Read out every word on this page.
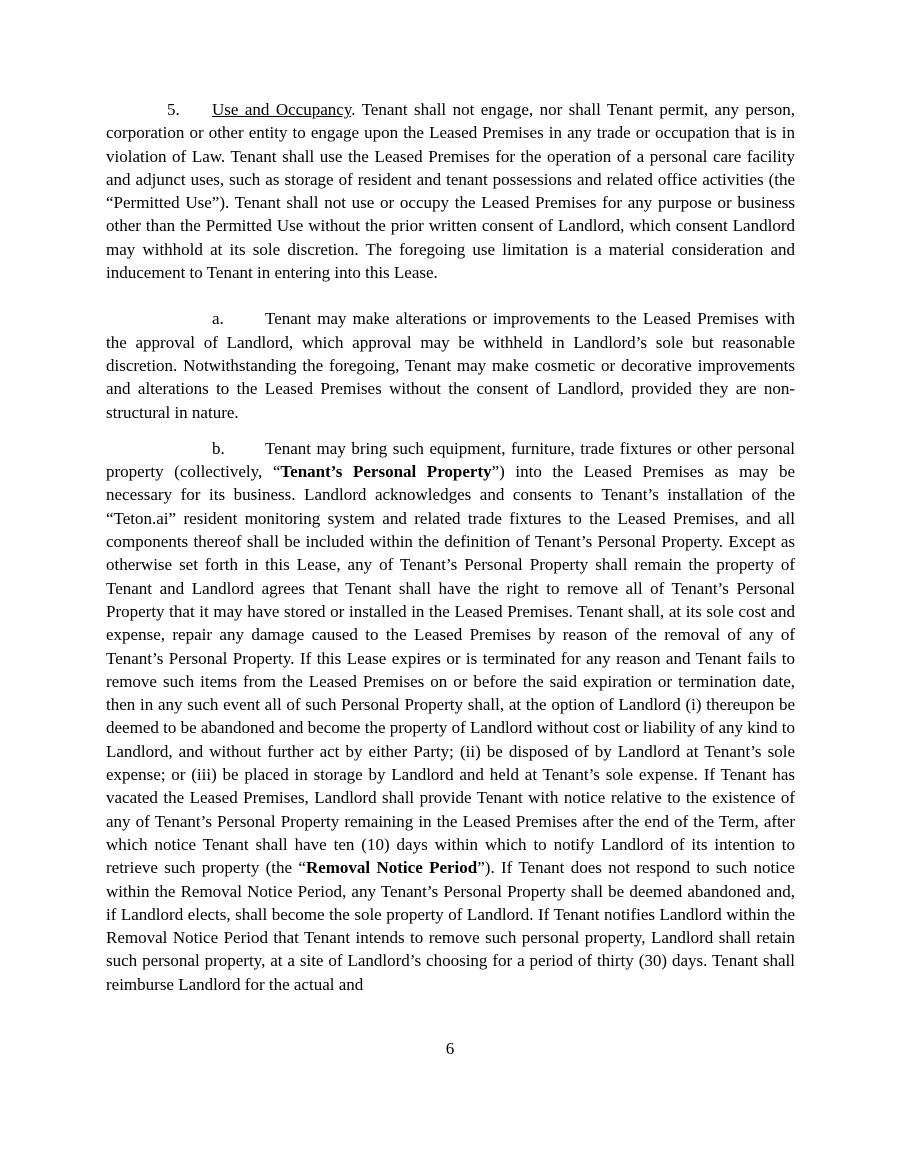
5. Use and Occupancy. Tenant shall not engage, nor shall Tenant permit, any person, corporation or other entity to engage upon the Leased Premises in any trade or occupation that is in violation of Law. Tenant shall use the Leased Premises for the operation of a personal care facility and adjunct uses, such as storage of resident and tenant possessions and related office activities (the “Permitted Use”). Tenant shall not use or occupy the Leased Premises for any purpose or business other than the Permitted Use without the prior written consent of Landlord, which consent Landlord may withhold at its sole discretion. The foregoing use limitation is a material consideration and inducement to Tenant in entering into this Lease.

a. Tenant may make alterations or improvements to the Leased Premises with the approval of Landlord, which approval may be withheld in Landlord’s sole but reasonable discretion. Notwithstanding the foregoing, Tenant may make cosmetic or decorative improvements and alterations to the Leased Premises without the consent of Landlord, provided they are non-structural in nature.

b. Tenant may bring such equipment, furniture, trade fixtures or other personal property (collectively, “Tenant’s Personal Property”) into the Leased Premises as may be necessary for its business. Landlord acknowledges and consents to Tenant’s installation of the “Teton.ai” resident monitoring system and related trade fixtures to the Leased Premises, and all components thereof shall be included within the definition of Tenant’s Personal Property. Except as otherwise set forth in this Lease, any of Tenant’s Personal Property shall remain the property of Tenant and Landlord agrees that Tenant shall have the right to remove all of Tenant’s Personal Property that it may have stored or installed in the Leased Premises. Tenant shall, at its sole cost and expense, repair any damage caused to the Leased Premises by reason of the removal of any of Tenant’s Personal Property. If this Lease expires or is terminated for any reason and Tenant fails to remove such items from the Leased Premises on or before the said expiration or termination date, then in any such event all of such Personal Property shall, at the option of Landlord (i) thereupon be deemed to be abandoned and become the property of Landlord without cost or liability of any kind to Landlord, and without further act by either Party; (ii) be disposed of by Landlord at Tenant’s sole expense; or (iii) be placed in storage by Landlord and held at Tenant’s sole expense. If Tenant has vacated the Leased Premises, Landlord shall provide Tenant with notice relative to the existence of any of Tenant’s Personal Property remaining in the Leased Premises after the end of the Term, after which notice Tenant shall have ten (10) days within which to notify Landlord of its intention to retrieve such property (the “Removal Notice Period”). If Tenant does not respond to such notice within the Removal Notice Period, any Tenant’s Personal Property shall be deemed abandoned and, if Landlord elects, shall become the sole property of Landlord. If Tenant notifies Landlord within the Removal Notice Period that Tenant intends to remove such personal property, Landlord shall retain such personal property, at a site of Landlord’s choosing for a period of thirty (30) days. Tenant shall reimburse Landlord for the actual and

6
